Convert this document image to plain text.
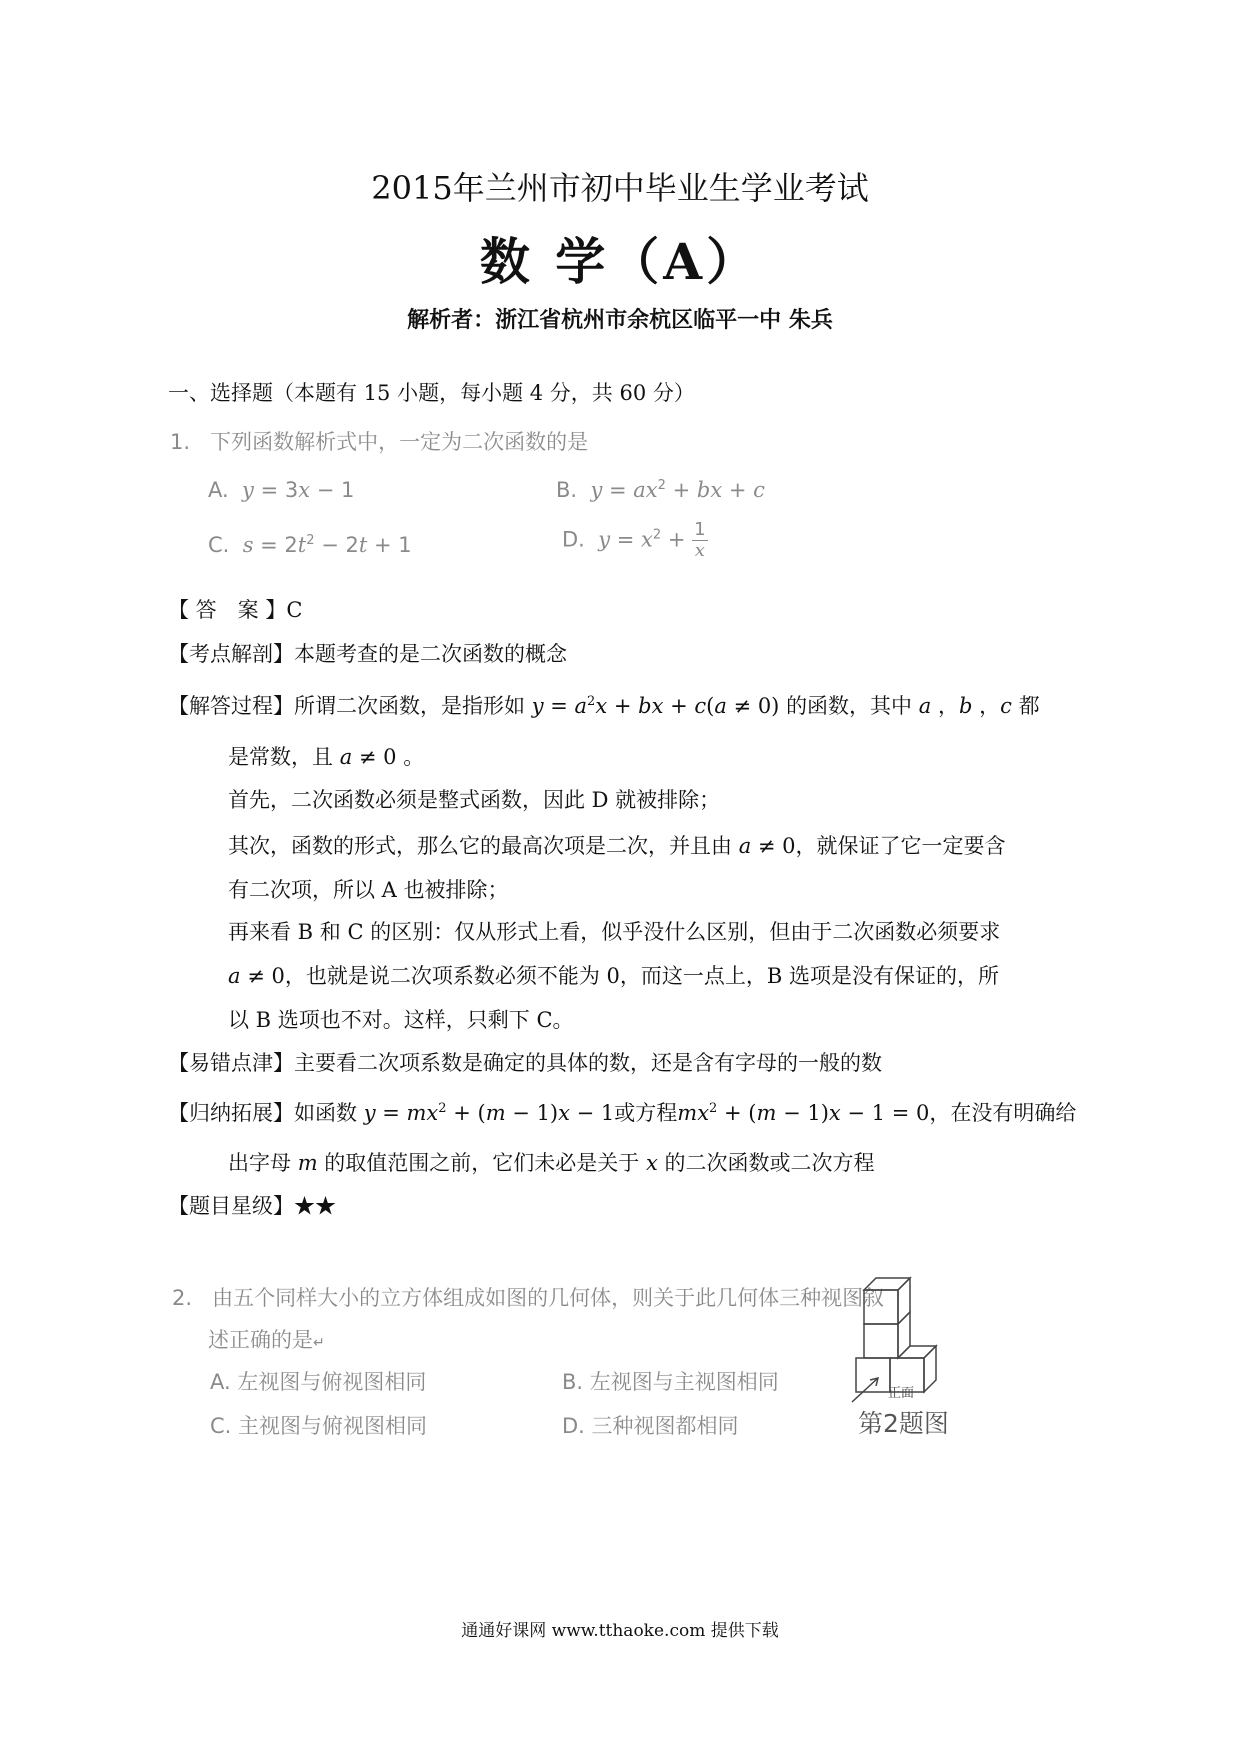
2015年兰州市初中毕业生学业考试
数 学（A）
解析者：浙江省杭州市余杭区临平一中 朱兵
一、选择题（本题有 15 小题，每小题 4 分，共 60 分）
1. 下列函数解析式中，一定为二次函数的是
A. y = 3x − 1	B. $y = ax^2$ + bx + c
C. $s = 2t^2 - 2t + 1$	D. $y = x^2 + \frac{1}{x}$
【 答　案 】C
【考点解剖】本题考查的是二次函数的概念
【解答过程】所谓二次函数，是指形如 $y = a^2x$ + bx + c(a ≠ 0) 的函数，其中 a ，b ，c 都
是常数，且 a ≠ 0 。
首先，二次函数必须是整式函数，因此 D 就被排除；
其次，函数的形式，那么它的最高次项是二次，并且由 a ≠ 0，就保证了它一定要含
有二次项，所以 A 也被排除；
再来看 B 和 C 的区别：仅从形式上看，似乎没什么区别，但由于二次函数必须要求
a ≠ 0，也就是说二次项系数必须不能为 0，而这一点上，B 选项是没有保证的，所
以 B 选项也不对。这样，只剩下 C。
【易错点津】主要看二次项系数是确定的具体的数，还是含有字母的一般的数
【归纳拓展】如函数 $y = mx^2 + (m - 1)x - 1$或方程$mx^2 + (m - 1)x - 1 = 0$，在没有明确给
出字母 m 的取值范围之前，它们未必是关于 x 的二次函数或二次方程
【题目星级】★★
2. 由五个同样大小的立方体组成如图的几何体，则关于此几何体三种视图叙
述正确的是↵
A. 左视图与俯视图相同	B. 左视图与主视图相同
C. 主视图与俯视图相同	D. 三种视图都相同
正面
第2题图
通通好课网 www.tthaoke.com 提供下载
